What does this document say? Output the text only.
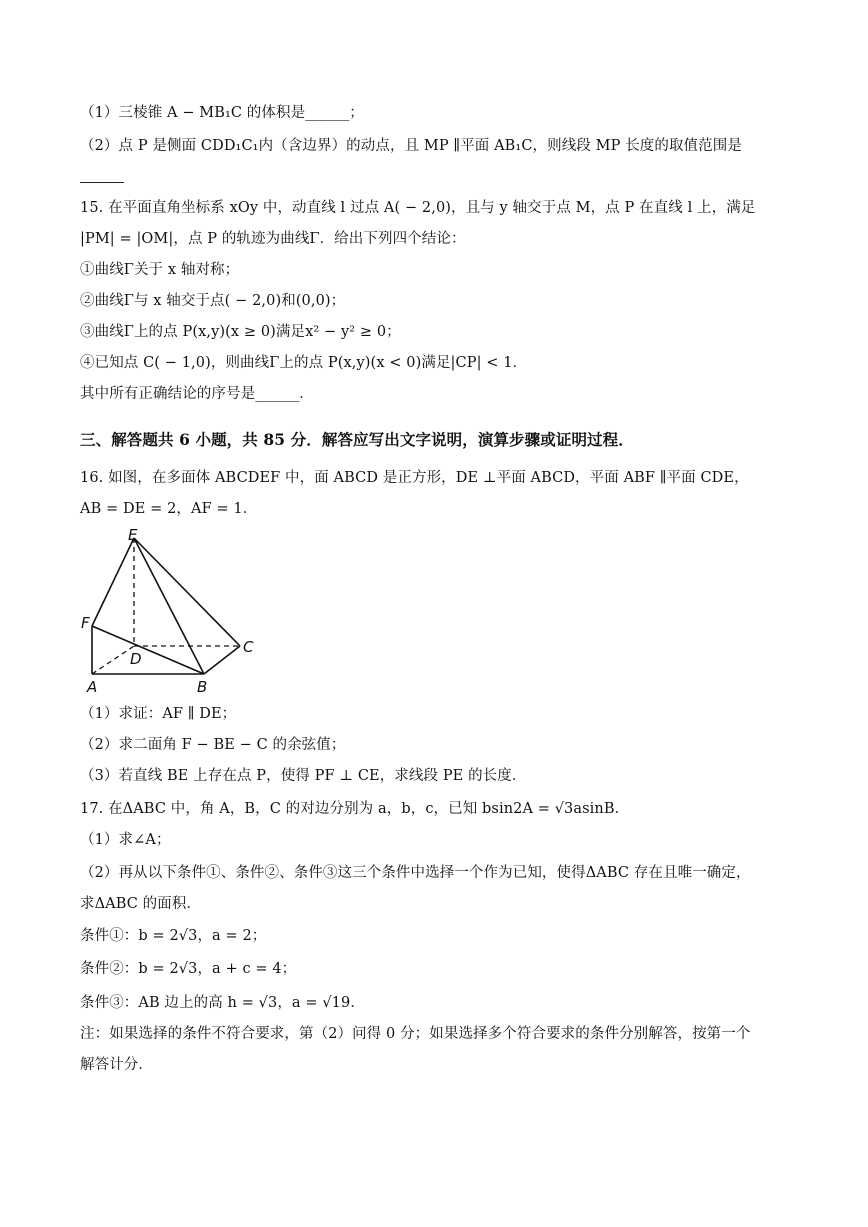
（1）三棱锥 A − MB₁C 的体积是______；
（2）点 P 是侧面 CDD₁C₁内（含边界）的动点，且 MP ∥平面 AB₁C，则线段 MP 长度的取值范围是
15. 在平面直角坐标系 xOy 中，动直线 l 过点 A( − 2,0)，且与 y 轴交于点 M，点 P 在直线 l 上，满足
|PM| = |OM|，点 P 的轨迹为曲线Γ．给出下列四个结论：
①曲线Γ关于 x 轴对称；
②曲线Γ与 x 轴交于点( − 2,0)和(0,0)；
③曲线Γ上的点 P(x,y)(x ≥ 0)满足x² − y² ≥ 0；
④已知点 C( − 1,0)，则曲线Γ上的点 P(x,y)(x < 0)满足|CP| < 1．
其中所有正确结论的序号是______．
三、解答题共 6 小题，共 85 分．解答应写出文字说明，演算步骤或证明过程．
16. 如图，在多面体 ABCDEF 中，面 ABCD 是正方形，DE ⊥平面 ABCD，平面 ABF ∥平面 CDE，
AB = DE = 2，AF = 1．
E
F
D
C
A	B
（1）求证：AF ∥ DE；
（2）求二面角 F − BE − C 的余弦值；
（3）若直线 BE 上存在点 P，使得 PF ⊥ CE，求线段 PE 的长度．
17. 在ΔABC 中，角 A，B，C 的对边分别为 a，b，c，已知 bsin2A = √3asinB．
（1）求∠A；
（2）再从以下条件①、条件②、条件③这三个条件中选择一个作为已知，使得ΔABC 存在且唯一确定，
求ΔABC 的面积．
条件①：b = 2√3，a = 2；
条件②：b = 2√3，a + c = 4；
条件③：AB 边上的高 h = √3，a = √19．
注：如果选择的条件不符合要求，第（2）问得 0 分；如果选择多个符合要求的条件分别解答，按第一个
解答计分．
